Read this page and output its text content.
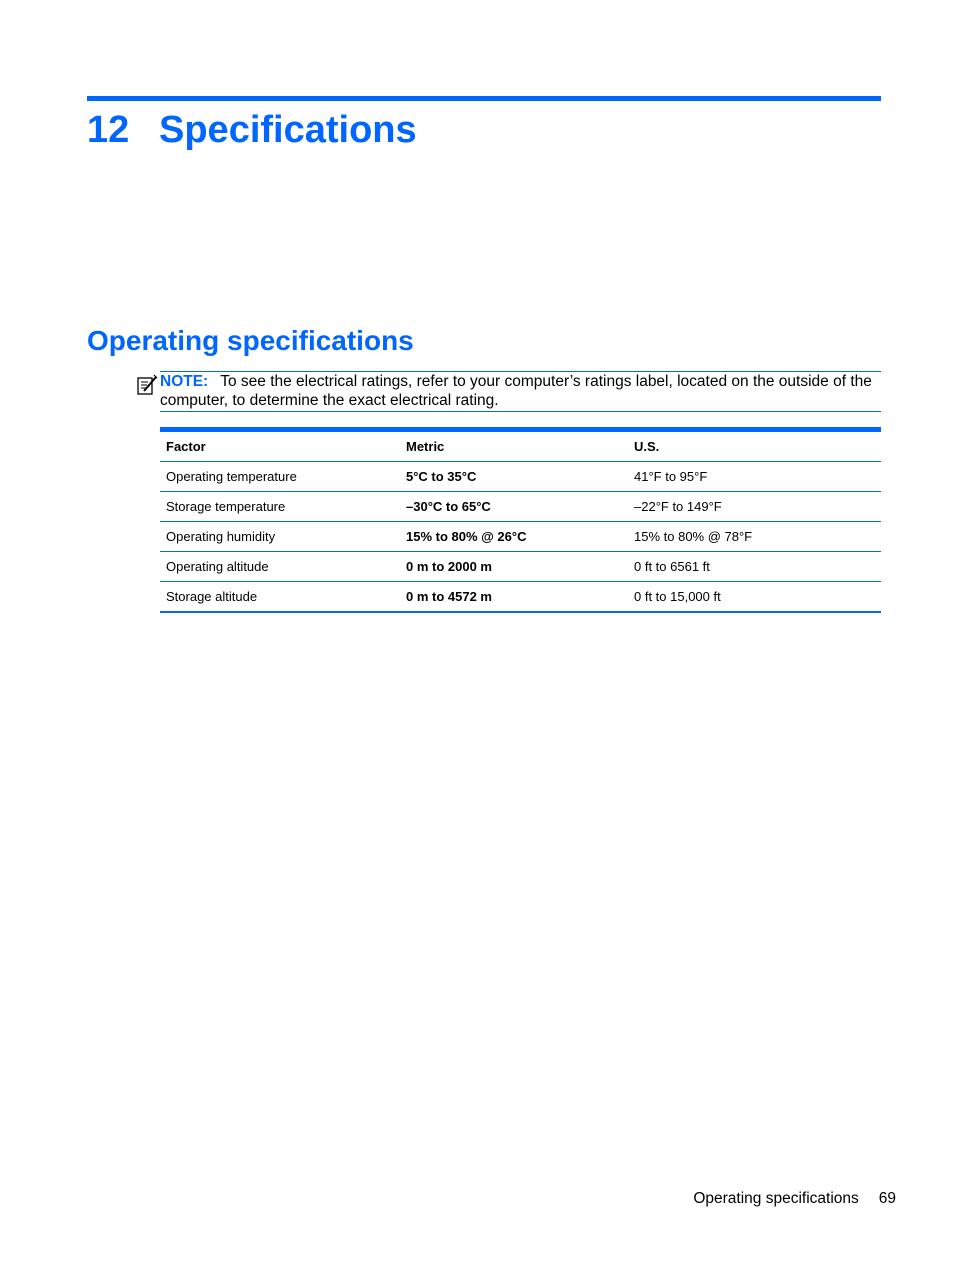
12 Specifications
Operating specifications

NOTE: To see the electrical ratings, refer to your computer’s ratings label, located on the outside of the computer, to determine the exact electrical rating.

Factor	Metric	U.S.
Operating temperature	5°C to 35°C	41°F to 95°F
Storage temperature	–30°C to 65°C	–22°F to 149°F
Operating humidity	15% to 80% @ 26°C	15% to 80% @ 78°F
Operating altitude	0 m to 2000 m	0 ft to 6561 ft
Storage altitude	0 m to 4572 m	0 ft to 15,000 ft
Operating specifications 69
